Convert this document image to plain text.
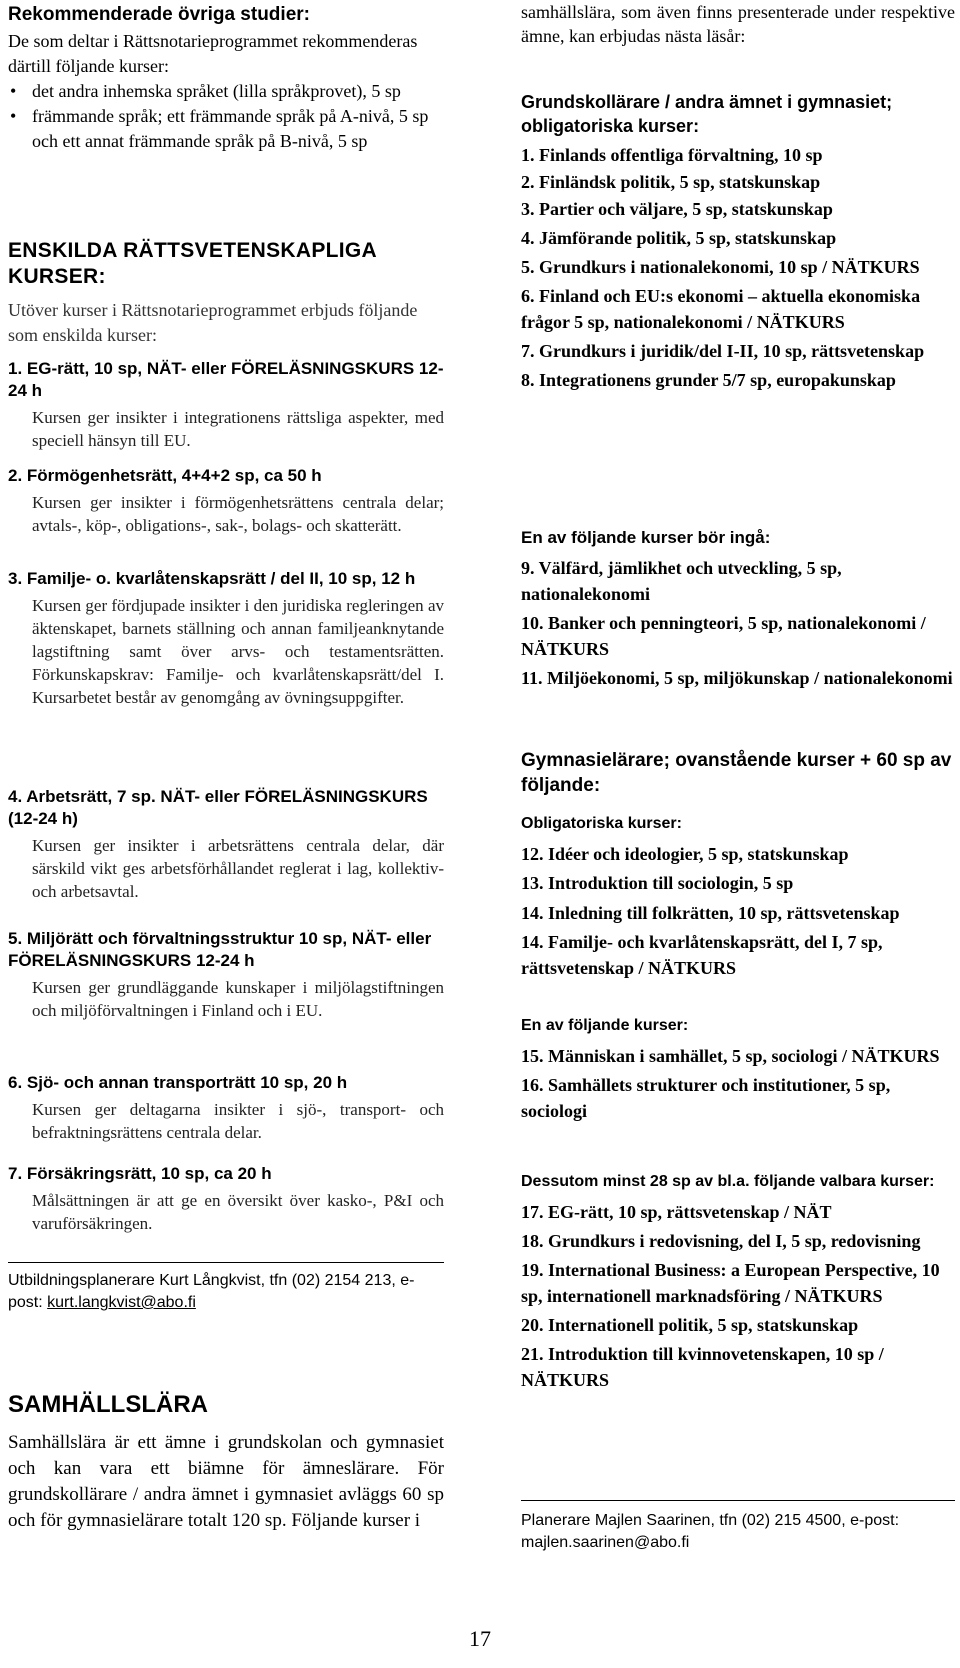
Rekommenderade övriga studier:

De som deltar i Rättsnotarieprogrammet rekommenderas därtill följande kurser:

• det andra inhemska språket (lilla språkprovet), 5 sp
• främmande språk; ett främmande språk på A-nivå, 5 sp och ett annat främmande språk på B-nivå, 5 sp

ENSKILDA RÄTTSVETENSKAPLIGA KURSER:

Utöver kurser i Rättsnotarieprogrammet erbjuds följande som enskilda kurser:

1. EG-rätt, 10 sp, NÄT- eller FÖRELÄSNINGSKURS 12-24 h

Kursen ger insikter i integrationens rättsliga aspekter, med speciell hänsyn till EU.

2. Förmögenhetsrätt, 4+4+2 sp, ca 50 h

Kursen ger insikter i förmögenhetsrättens centrala delar; avtals-, köp-, obligations-, sak-, bolags- och skatterätt.

3. Familje- o. kvarlåtenskapsrätt / del II, 10 sp, 12 h

Kursen ger fördjupade insikter i den juridiska regleringen av äktenskapet, barnets ställning och annan familjeanknytande lagstiftning samt över arvs- och testamentsrätten. Förkunskapskrav: Familje- och kvarlåtenskapsrätt/del I. Kursarbetet består av genomgång av övningsuppgifter.

4. Arbetsrätt, 7 sp. NÄT- eller FÖRELÄSNINGSKURS (12-24 h)

Kursen ger insikter i arbetsrättens centrala delar, där särskild vikt ges arbetsförhållandet reglerat i lag, kollektiv- och arbetsavtal.

5. Miljörätt och förvaltningsstruktur 10 sp, NÄT- eller FÖRELÄSNINGSKURS 12-24 h

Kursen ger grundläggande kunskaper i miljölagstiftningen och miljöförvaltningen i Finland och i EU.

6. Sjö- och annan transporträtt 10 sp, 20 h

Kursen ger deltagarna insikter i sjö-, transport- och befraktningsrättens centrala delar.

7. Försäkringsrätt, 10 sp, ca 20 h

Målsättningen är att ge en översikt över kasko-, P&I och varuförsäkringen.

Utbildningsplanerare Kurt Långkvist, tfn (02) 2154 213, e-post: kurt.langkvist@abo.fi

SAMHÄLLSLÄRA

Samhällslära är ett ämne i grundskolan och gymnasiet och kan vara ett biämne för ämneslärare. För grundskollärare / andra ämnet i gymnasiet avläggs 60 sp och för gymnasielärare totalt 120 sp. Följande kurser i

samhällslära, som även finns presenterade under respektive ämne, kan erbjudas nästa läsår:

Grundskollärare / andra ämnet i gymnasiet; obligatoriska kurser:

1. Finlands offentliga förvaltning, 10 sp

2. Finländsk politik, 5 sp, statskunskap

3. Partier och väljare, 5 sp, statskunskap

4. Jämförande politik, 5 sp, statskunskap

5. Grundkurs i nationalekonomi, 10 sp / NÄTKURS

6. Finland och EU:s ekonomi – aktuella ekonomiska frågor 5 sp, nationalekonomi / NÄTKURS

7. Grundkurs i juridik/del I-II, 10 sp, rättsvetenskap

8. Integrationens grunder 5/7 sp, europakunskap

En av följande kurser bör ingå:

9. Välfärd, jämlikhet och utveckling, 5 sp, nationalekonomi

10. Banker och penningteori, 5 sp, nationalekonomi / NÄTKURS

11. Miljöekonomi, 5 sp, miljökunskap / nationalekonomi

Gymnasielärare; ovanstående kurser + 60 sp av följande:

Obligatoriska kurser:

12. Idéer och ideologier, 5 sp, statskunskap

13. Introduktion till sociologin, 5 sp

14. Inledning till folkrätten, 10 sp, rättsvetenskap

14. Familje- och kvarlåtenskapsrätt, del I, 7 sp, rättsvetenskap / NÄTKURS

En av följande kurser:

15. Människan i samhället, 5 sp, sociologi / NÄTKURS

16. Samhällets strukturer och institutioner, 5 sp, sociologi

Dessutom minst 28 sp av bl.a. följande valbara kurser:

17. EG-rätt, 10 sp, rättsvetenskap / NÄT

18. Grundkurs i redovisning, del I, 5 sp, redovisning

19. International Business: a European Perspective, 10 sp, internationell marknadsföring / NÄTKURS

20. Internationell politik, 5 sp, statskunskap

21. Introduktion till kvinnovetenskapen, 10 sp / NÄTKURS

Planerare Majlen Saarinen, tfn (02) 215 4500, e-post: majlen.saarinen@abo.fi

17
